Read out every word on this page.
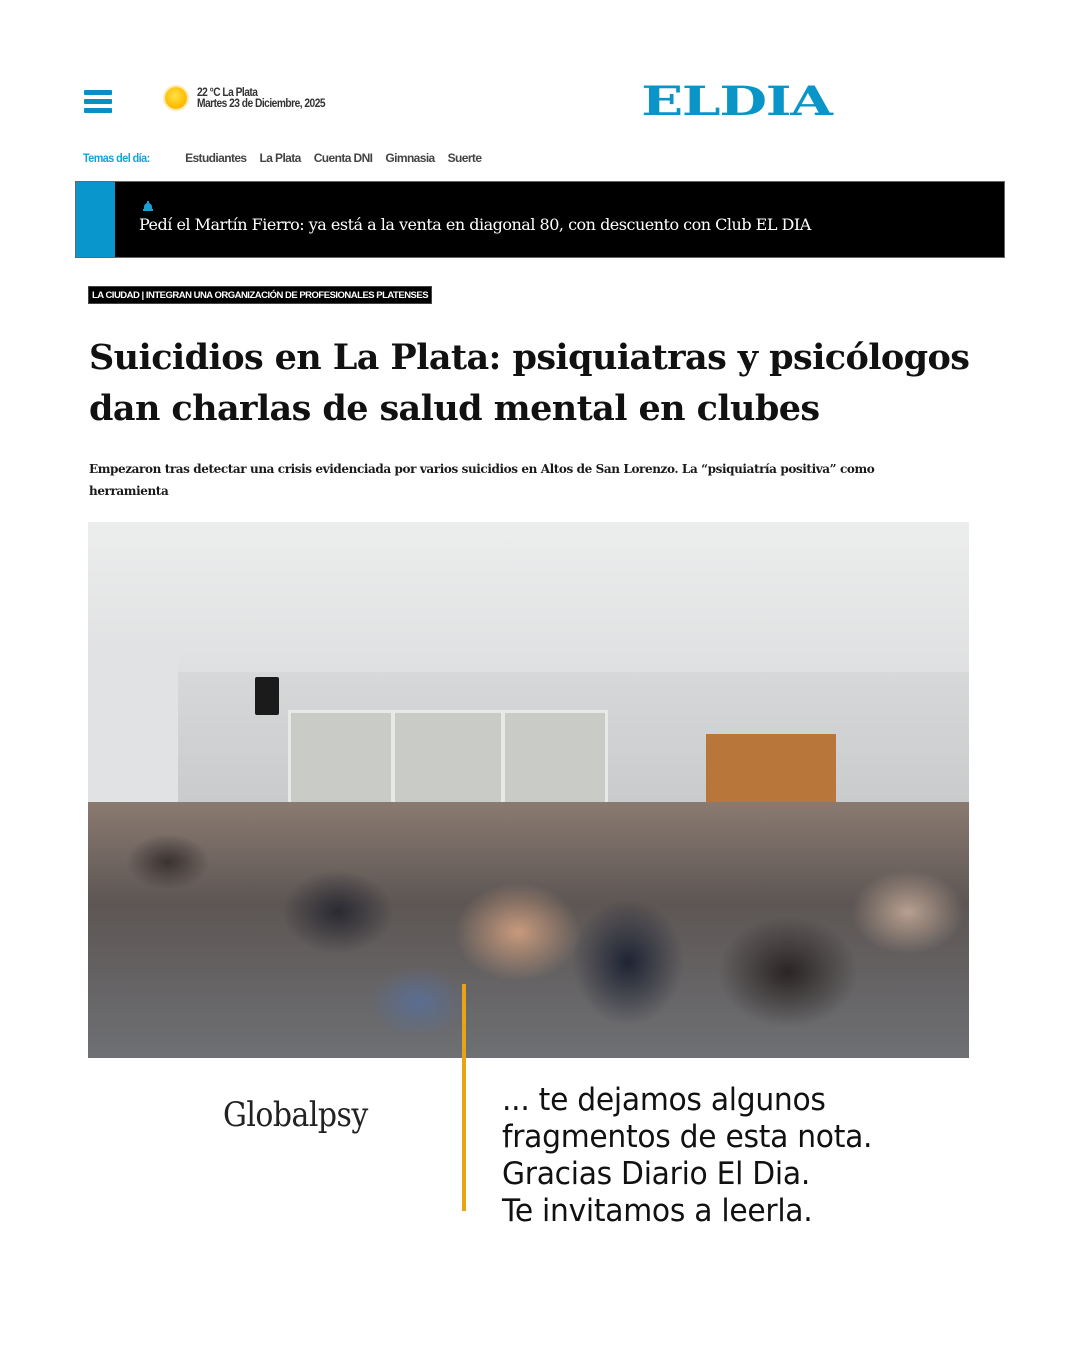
22 °C La Plata
Martes 23 de Diciembre, 2025	ELDIA
Temas del día:	Estudiantes La Plata Cuenta DNI Gimnasia Suerte
Pedí el Martín Fierro: ya está a la venta en diagonal 80, con descuento con Club EL DIA
LA CIUDAD | INTEGRAN UNA ORGANIZACIÓN DE PROFESIONALES PLATENSES
Suicidios en La Plata: psiquiatras y psicólogos
dan charlas de salud mental en clubes
Empezaron tras detectar una crisis evidenciada por varios suicidios en Altos de San Lorenzo. La “psiquiatría positiva” como
herramienta
Globalpsy	... te dejamos algunos
fragmentos de esta nota.
Gracias Diario El Dia.
Te invitamos a leerla.
